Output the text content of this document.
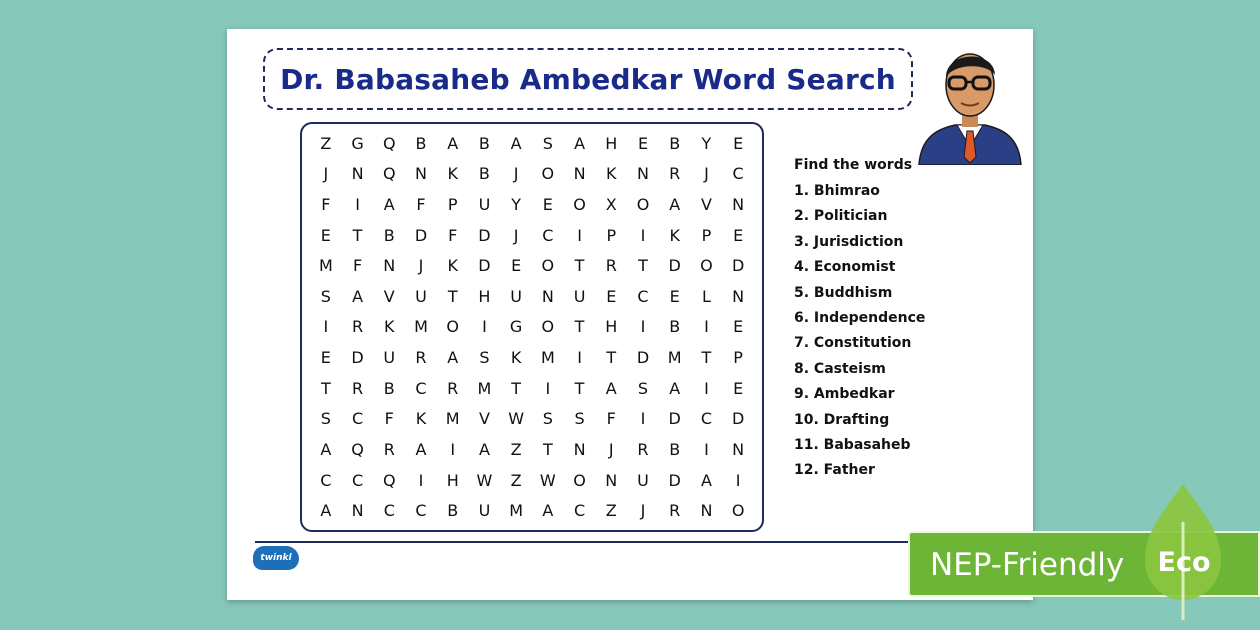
Dr. Babasaheb Ambedkar Word Search
Z	G	Q	B	A	B	A	S	A	H	E	B	Y	E
J	N	Q	N	K	B	J	O	N	K	N	R	J	C
F	I	A	F	P	U	Y	E	O	X	O	A	V	N
E	T	B	D	F	D	J	C	I	P	I	K	P	E
M	F	N	J	K	D	E	O	T	R	T	D	O	D
S	A	V	U	T	H	U	N	U	E	C	E	L	N
I	R	K	M	O	I	G	O	T	H	I	B	I	E
E	D	U	R	A	S	K	M	I	T	D	M	T	P
T	R	B	C	R	M	T	I	T	A	S	A	I	E
S	C	F	K	M	V	W	S	S	F	I	D	C	D
A	Q	R	A	I	A	Z	T	N	J	R	B	I	N
C	C	Q	I	H	W	Z	W	O	N	U	D	A	I
A	N	C	C	B	U	M	A	C	Z	J	R	N	O
Find the words
1. Bhimrao
2. Politician
3. Jurisdiction
4. Economist
5. Buddhism
6. Independence
7. Constitution
8. Casteism
9. Ambedkar
10. Drafting
11. Babasaheb
12. Father
twinkl	NEP-Friendly Eco
